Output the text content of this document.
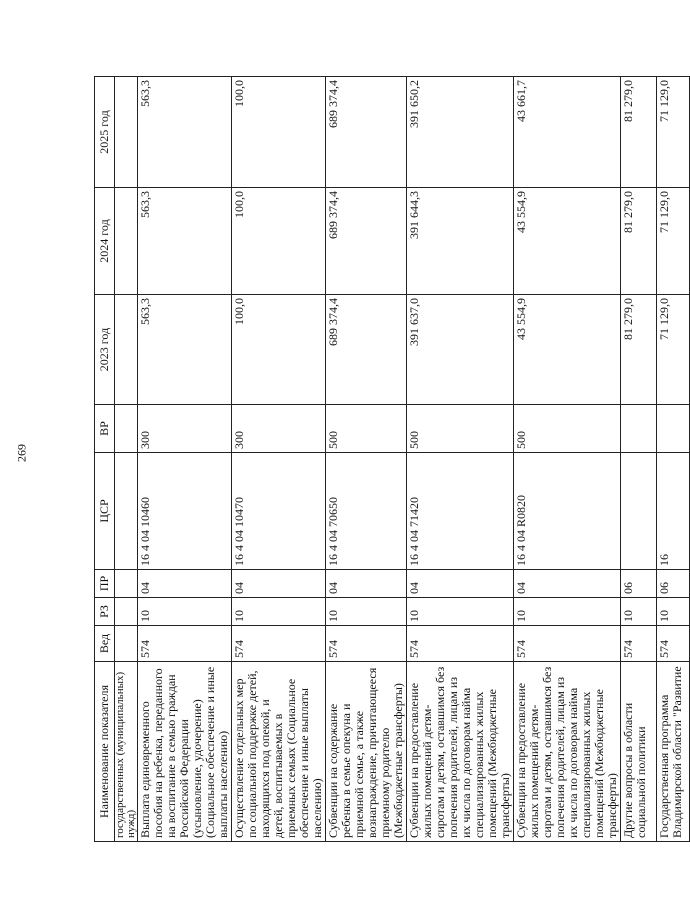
269
Наименование показателя	Вед	РЗ	ПР	ЦСР	ВР	2023 год	2024 год	2025 год
государственных (муниципальных) нужд)								
Выплата единовременного пособия на ребенка, переданного на воспитание в семью граждан Российской Федерации (усыновление, удочерение) (Социальное обеспечение и иные выплаты населению)	574	10	04	16 4 04 10460	300	563,3	563,3	563,3
Осуществление отдельных мер по социальной поддержке детей, находящихся под опекой, и детей, воспитываемых в приемных семьях (Социальное обеспечение и иные выплаты населению)	574	10	04	16 4 04 10470	300	100,0	100,0	100,0
Субвенции на содержание ребенка в семье опекуна и приемной семье, а также вознаграждение, причитающееся приемному родителю (Межбюджетные трансферты)	574	10	04	16 4 04 70650	500	689 374,4	689 374,4	689 374,4
Субвенции на предоставление жилых помещений детям-сиротам и детям, оставшимся без попечения родителей, лицам из их числа по договорам найма специализированных жилых помещений (Межбюджетные трансферты)	574	10	04	16 4 04 71420	500	391 637,0	391 644,3	391 650,2
Субвенции на предоставление жилых помещений детям-сиротам и детям, оставшимся без попечения родителей, лицам из их числа по договорам найма специализированных жилых помещений (Межбюджетные трансферты)	574	10	04	16 4 04 R0820	500	43 554,9	43 554,9	43 661,7
Другие вопросы в области социальной политики	574	10	06			81 279,0	81 279,0	81 279,0
Государственная программа Владимирской области "Развитие	574	10	06	16		71 129,0	71 129,0	71 129,0
